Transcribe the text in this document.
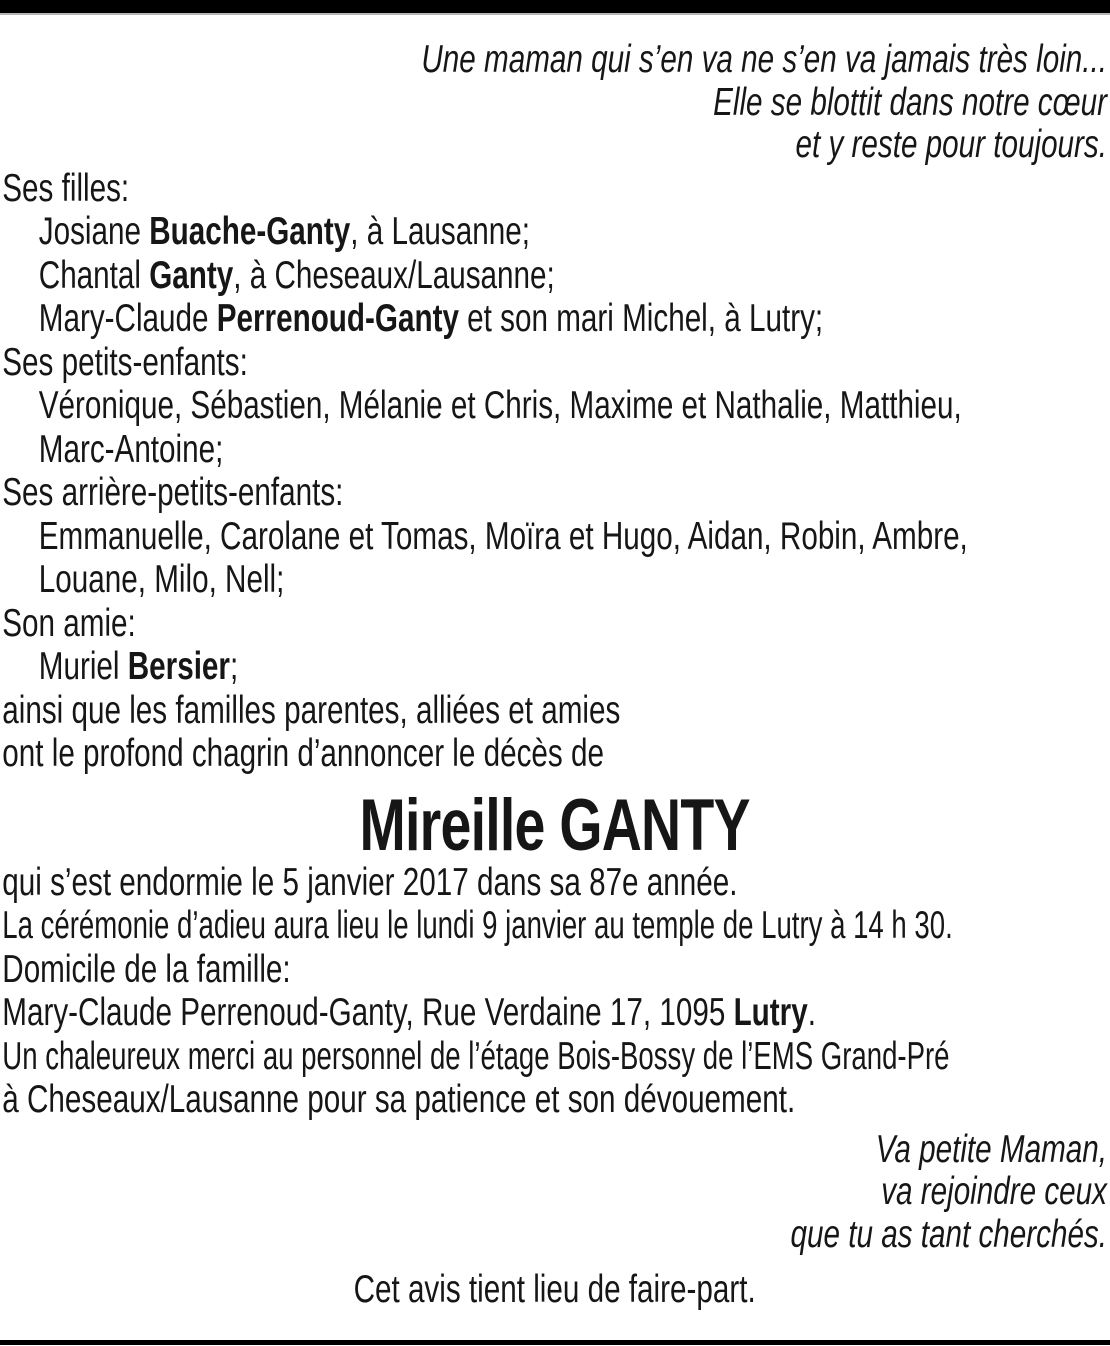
Une maman qui s’en va ne s’en va jamais très loin...
Elle se blottit dans notre cœur
et y reste pour toujours.
Ses filles:
Josiane Buache-Ganty, à Lausanne;
Chantal Ganty, à Cheseaux/Lausanne;
Mary-Claude Perrenoud-Ganty et son mari Michel, à Lutry;
Ses petits-enfants:
Véronique, Sébastien, Mélanie et Chris, Maxime et Nathalie, Matthieu,
Marc-Antoine;
Ses arrière-petits-enfants:
Emmanuelle, Carolane et Tomas, Moïra et Hugo, Aidan, Robin, Ambre,
Louane, Milo, Nell;
Son amie:
Muriel Bersier;
ainsi que les familles parentes, alliées et amies
ont le profond chagrin d’annoncer le décès de
Mireille GANTY
qui s’est endormie le 5 janvier 2017 dans sa 87e année.
La cérémonie d’adieu aura lieu le lundi 9 janvier au temple de Lutry à 14 h 30.
Domicile de la famille:
Mary-Claude Perrenoud-Ganty, Rue Verdaine 17, 1095 Lutry.
Un chaleureux merci au personnel de l’étage Bois-Bossy de l’EMS Grand-Pré
à Cheseaux/Lausanne pour sa patience et son dévouement.
Va petite Maman,
va rejoindre ceux
que tu as tant cherchés.
Cet avis tient lieu de faire-part.
